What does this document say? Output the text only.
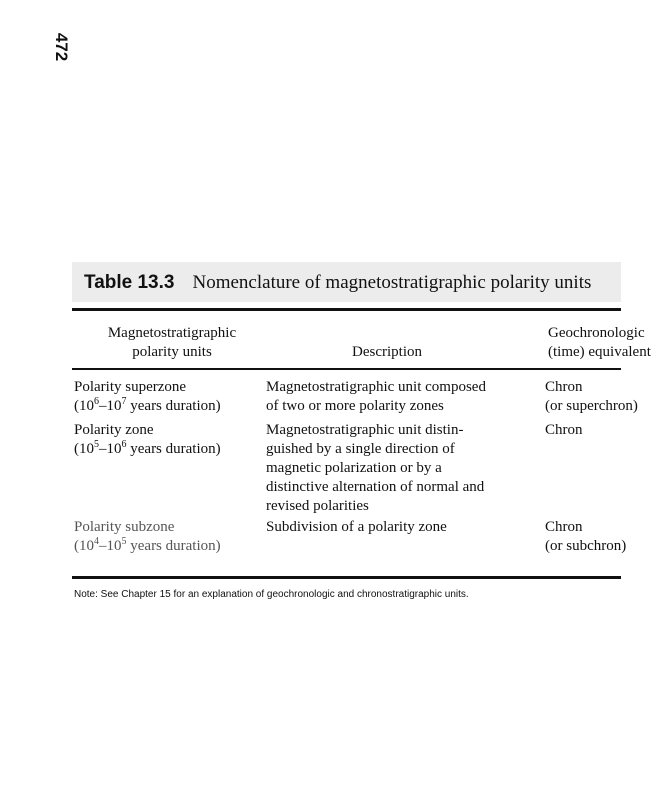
472
Table 13.3 Nomenclature of magnetostratigraphic polarity units
Magnetostratigraphic
polarity units
	Description
Geochronologic
(time) equivalent
Polarity superzone
($10^6-10^7$ years duration)
Magnetostratigraphic unit composed
of two or more polarity zones
Chron
(or superchron)
Polarity zone
($10^5-10^6$ years duration)
Magnetostratigraphic unit distin-
guished by a single direction of
magnetic polarization or by a
distinctive alternation of normal and
revised polarities
Chron
Polarity subzone
($10^4-10^5$ years duration)
Subdivision of a polarity zone	Chron
(or subchron)
Note: See Chapter 15 for an explanation of geochronologic and chronostratigraphic units.
